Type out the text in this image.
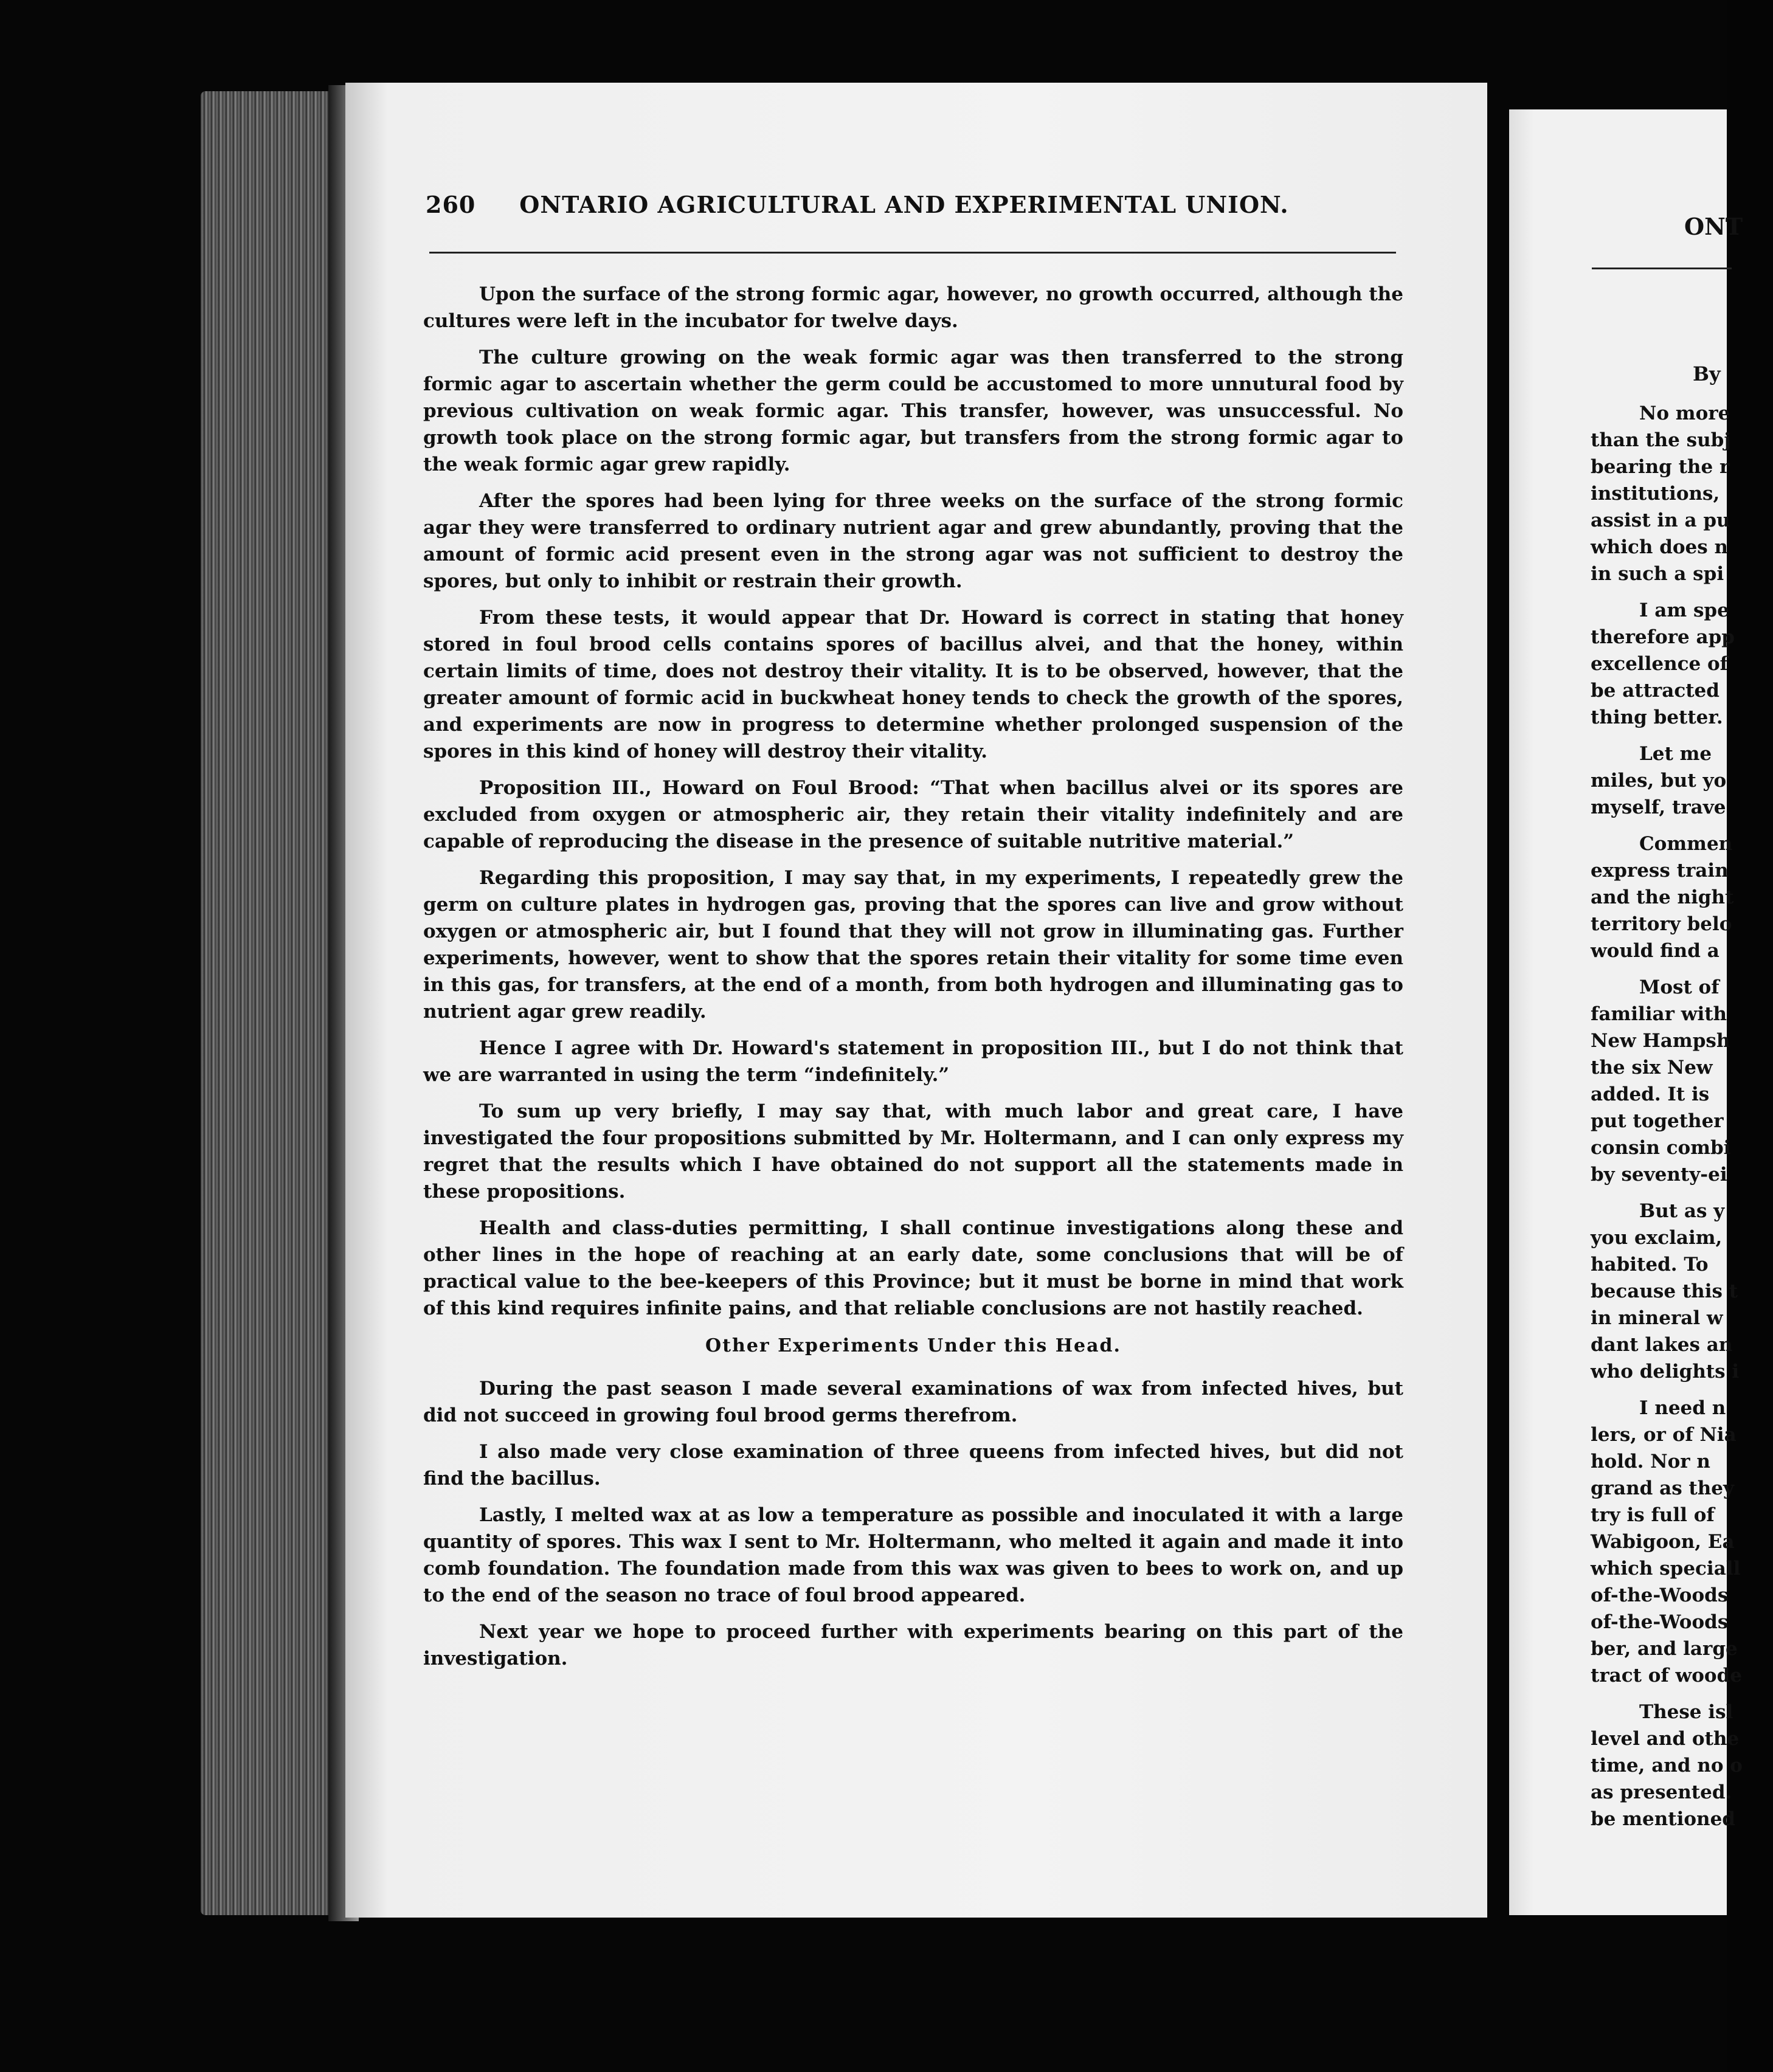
260 ONTARIO AGRICULTURAL AND EXPERIMENTAL UNION.

Upon the surface of the strong formic agar, however, no growth occurred, although the cultures were left in the incubator for twelve days.

The culture growing on the weak formic agar was then transferred to the strong formic agar to ascertain whether the germ could be accustomed to more unnutural food by previous cultivation on weak formic agar. This transfer, however, was unsuccessful. No growth took place on the strong formic agar, but transfers from the strong formic agar to the weak formic agar grew rapidly.

After the spores had been lying for three weeks on the surface of the strong formic agar they were transferred to ordinary nutrient agar and grew abundantly, proving that the amount of formic acid present even in the strong agar was not sufficient to destroy the spores, but only to inhibit or restrain their growth.

From these tests, it would appear that Dr. Howard is correct in stating that honey stored in foul brood cells contains spores of bacillus alvei, and that the honey, within certain limits of time, does not destroy their vitality. It is to be observed, however, that the greater amount of formic acid in buckwheat honey tends to check the growth of the spores, and experiments are now in progress to determine whether prolonged suspension of the spores in this kind of honey will destroy their vitality.

Proposition III., Howard on Foul Brood: “That when bacillus alvei or its spores are excluded from oxygen or atmospheric air, they retain their vitality indefinitely and are capable of reproducing the disease in the presence of suitable nutritive material.”

Regarding this proposition, I may say that, in my experiments, I repeatedly grew the germ on culture plates in hydrogen gas, proving that the spores can live and grow without oxygen or atmospheric air, but I found that they will not grow in illuminating gas. Further experiments, however, went to show that the spores retain their vitality for some time even in this gas, for transfers, at the end of a month, from both hydrogen and illuminating gas to nutrient agar grew readily.

Hence I agree with Dr. Howard's statement in proposition III., but I do not think that we are warranted in using the term “indefinitely.”

To sum up very briefly, I may say that, with much labor and great care, I have investigated the four propositions submitted by Mr. Holtermann, and I can only express my regret that the results which I have obtained do not support all the statements made in these propositions.

Health and class-duties permitting, I shall continue investigations along these and other lines in the hope of reaching at an early date, some conclusions that will be of practical value to the bee-keepers of this Province; but it must be borne in mind that work of this kind requires infinite pains, and that reliable conclusions are not hastily reached.

Other Experiments Under this Head.

During the past season I made several examinations of wax from infected hives, but did not succeed in growing foul brood germs therefrom.

I also made very close examination of three queens from infected hives, but did not find the bacillus.

Lastly, I melted wax at as low a temperature as possible and inoculated it with a large quantity of spores. This wax I sent to Mr. Holtermann, who melted it again and made it into comb foundation. The foundation made from this wax was given to bees to work on, and up to the end of the season no trace of foul brood appeared.

Next year we hope to proceed further with experiments bearing on this part of the investigation.

ONT
By
No more
than the subj
bearing the r
institutions,
assist in a pu
which does n
in such a spi
I am spe
therefore app
excellence of
be attracted
thing better.
Let me
miles, but yo
myself, trave
Commen
express train
and the night
territory belo
would find a
Most of
familiar with
New Hampsh
the six New
added. It is
put together
consin combi
by seventy-ei
But as y
you exclaim,
habited. To
because this t
in mineral w
dant lakes an
who delights i
I need n
lers, or of Nia
hold. Nor n
grand as they
try is full of
Wabigoon, Ea
which speciall
of-the-Woods
of-the-Woods
ber, and large
tract of woode
These isl
level and othe
time, and no o
as presented.
be mentioned
